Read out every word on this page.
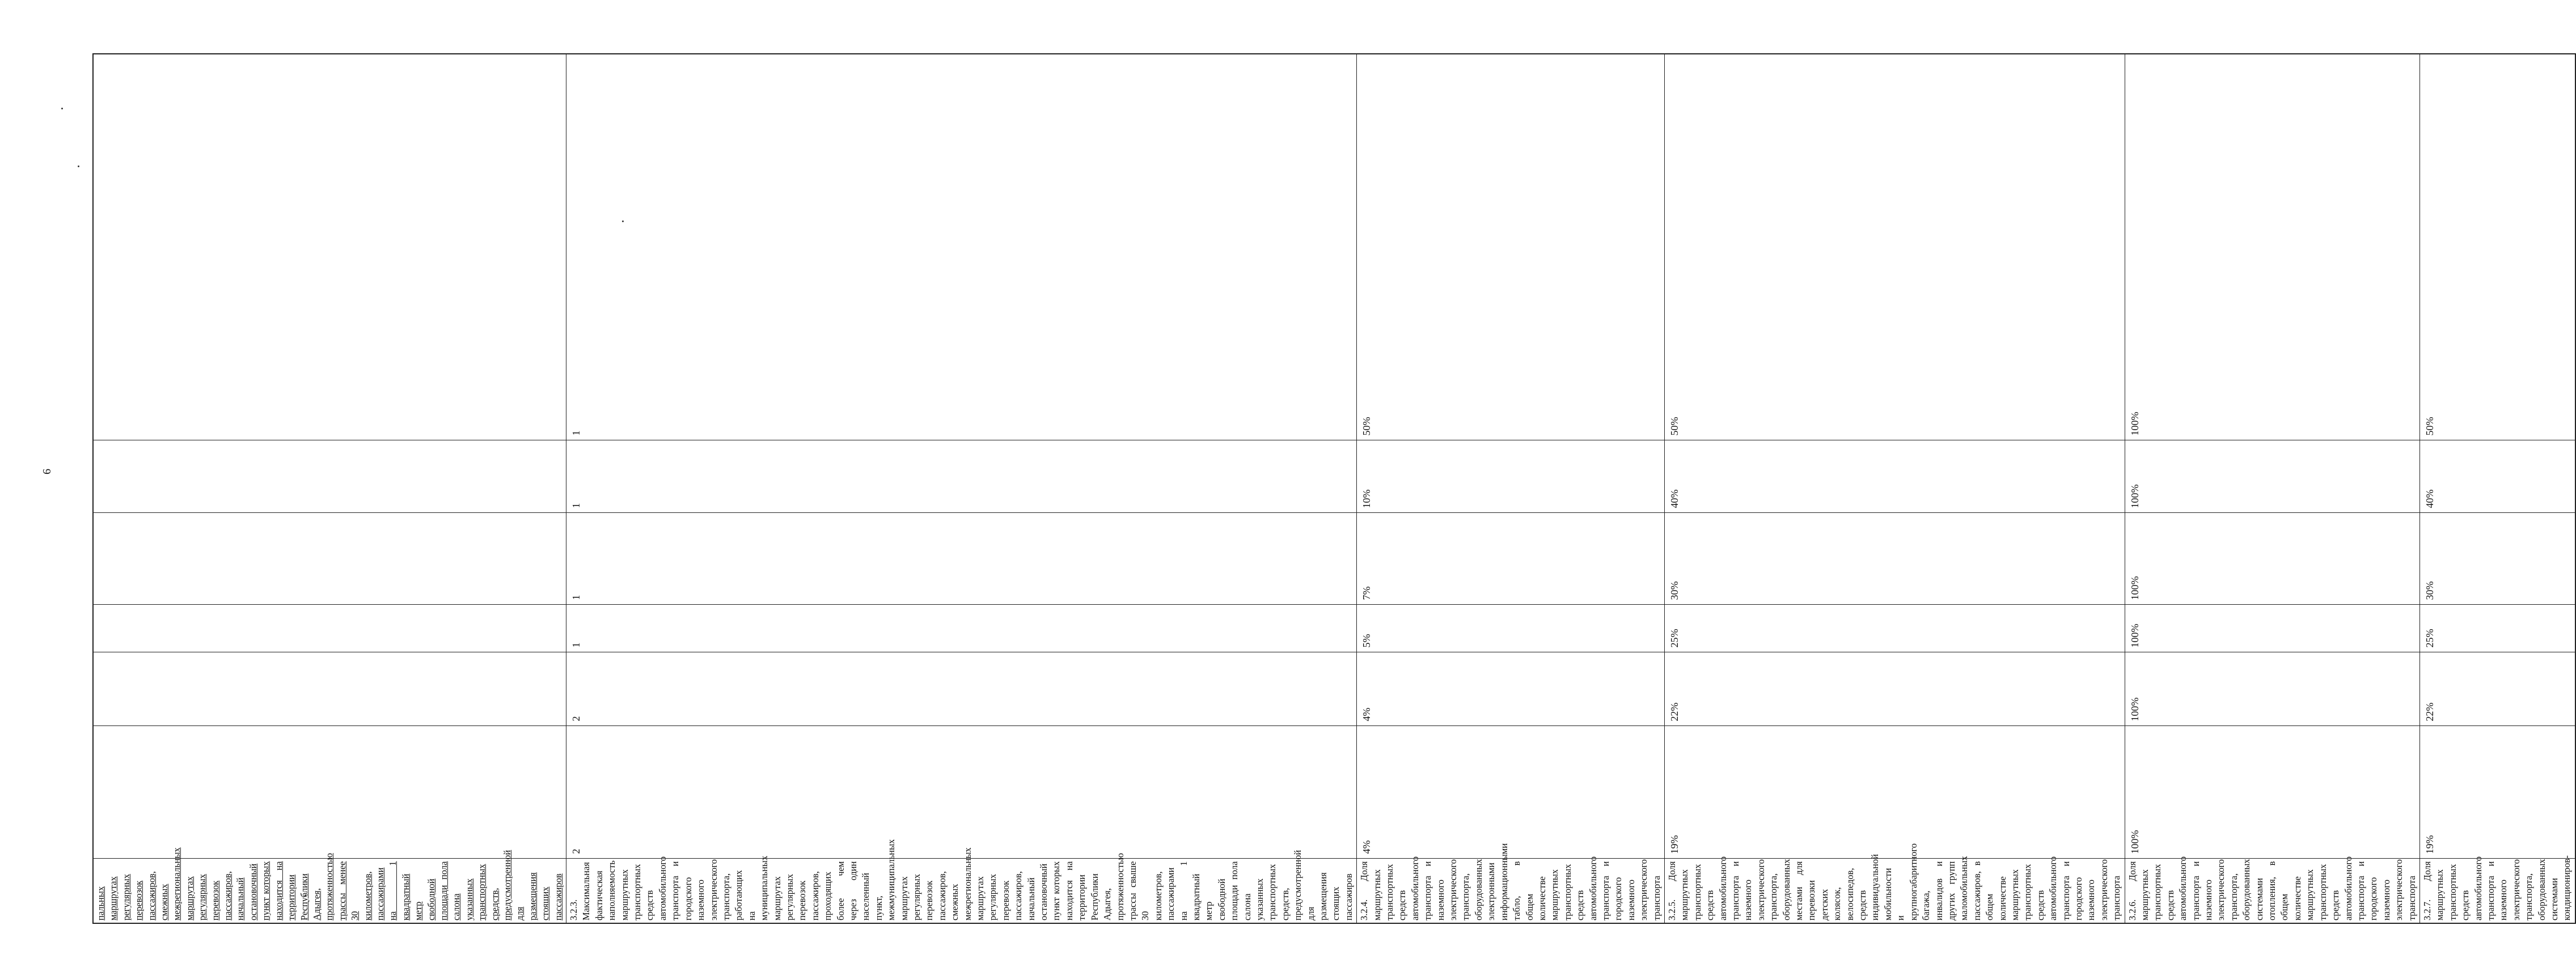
6
пальных маршрутах регулярных перевозок пассажиров, смежных межрегиональных маршрутах регулярных перевозок пассажиров, начальный остановочный пункт которых находится на территории Республики Адыгея, протяженностью трассы менее 30 километров, пассажирами на 1 квадратный метр свободной площади пола салона указанных транспортных средств, предусмотренной для размещения стоящих пассажиров						
3.2.3. Максимальная фактическая наполняемость маршрутных транспортных средств автомобильного транспорта и городского наземного электрического транспорта, работающих на муниципальных маршрутах регулярных перевозок пассажиров, проходящих более чем через один населенный пункт, межмуниципальных маршрутах регулярных перевозок пассажиров, смежных межрегиональных маршрутах регулярных перевозок пассажиров, начальный остановочный пункт которых находится на территории Республики Адыгея, протяженностью трассы свыше 30 километров, пассажирами на 1 квадратный метр свободной площади пола салона указанных транспортных средств, предусмотренной для размещения стоящих пассажиров	2	2	1	1	1	1
3.2.4. Доля маршрутных транспортных средств автомобильного транспорта и наземного электрического транспорта, оборудованных электронными информационными табло, в общем количестве маршрутных транспортных средств автомобильного транспорта и городского наземного электрического транспорта	4%	4%	5%	7%	10%	50%
3.2.5. Доля маршрутных транспортных средств автомобильного транспорта и наземного электрического транспорта, оборудованных местами для перевозки детских колясок, велосипедов, средств индивидуальной мобильности и крупногабаритного багажа, инвалидов и других групп маломобильных пассажиров, в общем количестве маршрутных транспортных средств автомобильного транспорта и городского наземного электрического транспорта	19%	22%	25%	30%	40%	50%
3.2.6. Доля маршрутных транспортных средств автомобильного транспорта и наземного электрического транспорта, оборудованных системами отопления, в общем количестве маршрутных транспортных средств автомобильного транспорта и городского наземного электрического транспорта	100%	100%	100%	100%	100%	100%
3.2.7. Доля маршрутных транспортных средств автомобильного транспорта и наземного электрического транспорта, оборудованных системами кондициониров-	19%	22%	25%	30%	40%	50%
